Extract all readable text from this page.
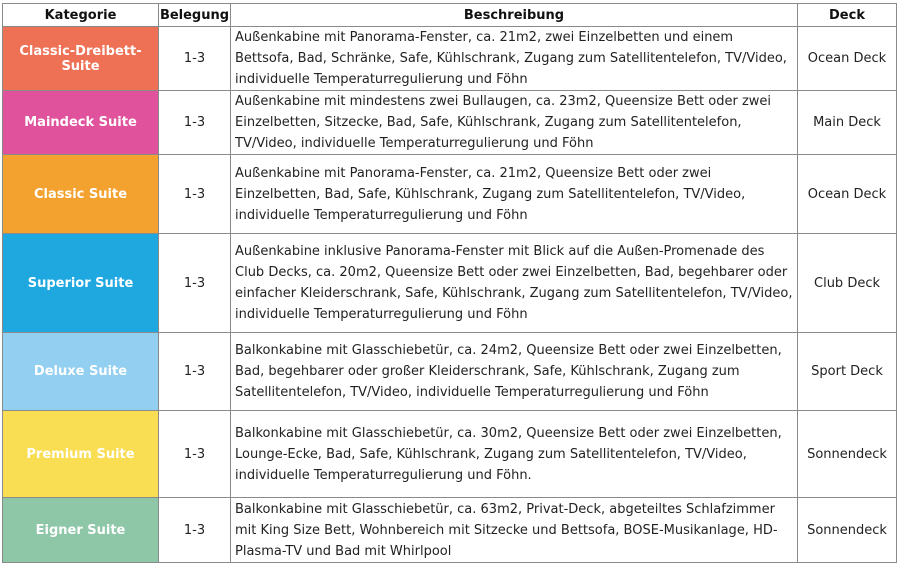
Kategorie	Belegung	Beschreibung	Deck
Classic-Dreibett-Suite	1-3	Außenkabine mit Panorama-Fenster, ca. 21m2, zwei Einzelbetten und einem Bettsofa, Bad, Schränke, Safe, Kühlschrank, Zugang zum Satellitentelefon, TV/Video, individuelle Temperaturregulierung und Föhn	Ocean Deck
Maindeck Suite	1-3	Außenkabine mit mindestens zwei Bullaugen, ca. 23m2, Queensize Bett oder zwei Einzelbetten, Sitzecke, Bad, Safe, Kühlschrank, Zugang zum Satellitentelefon, TV/Video, individuelle Temperaturregulierung und Föhn	Main Deck
Classic Suite	1-3	Außenkabine mit Panorama-Fenster, ca. 21m2, Queensize Bett oder zwei Einzelbetten, Bad, Safe, Kühlschrank, Zugang zum Satellitentelefon, TV/Video, individuelle Temperaturregulierung und Föhn	Ocean Deck
Superior Suite	1-3	Außenkabine inklusive Panorama-Fenster mit Blick auf die Außen-Promenade des Club Decks, ca. 20m2, Queensize Bett oder zwei Einzelbetten, Bad, begehbarer oder einfacher Kleiderschrank, Safe, Kühlschrank, Zugang zum Satellitentelefon, TV/Video, individuelle Temperaturregulierung und Föhn	Club Deck
Deluxe Suite	1-3	Balkonkabine mit Glasschiebetür, ca. 24m2, Queensize Bett oder zwei Einzelbetten, Bad, begehbarer oder großer Kleiderschrank, Safe, Kühlschrank, Zugang zum Satellitentelefon, TV/Video, individuelle Temperaturregulierung und Föhn	Sport Deck
Premium Suite	1-3	Balkonkabine mit Glasschiebetür, ca. 30m2, Queensize Bett oder zwei Einzelbetten, Lounge-Ecke, Bad, Safe, Kühlschrank, Zugang zum Satellitentelefon, TV/Video, individuelle Temperaturregulierung und Föhn.	Sonnendeck
Eigner Suite	1-3	Balkonkabine mit Glasschiebetür, ca. 63m2, Privat-Deck, abgeteiltes Schlafzimmer mit King Size Bett, Wohnbereich mit Sitzecke und Bettsofa, BOSE-Musikanlage, HD-Plasma-TV und Bad mit Whirlpool	Sonnendeck
